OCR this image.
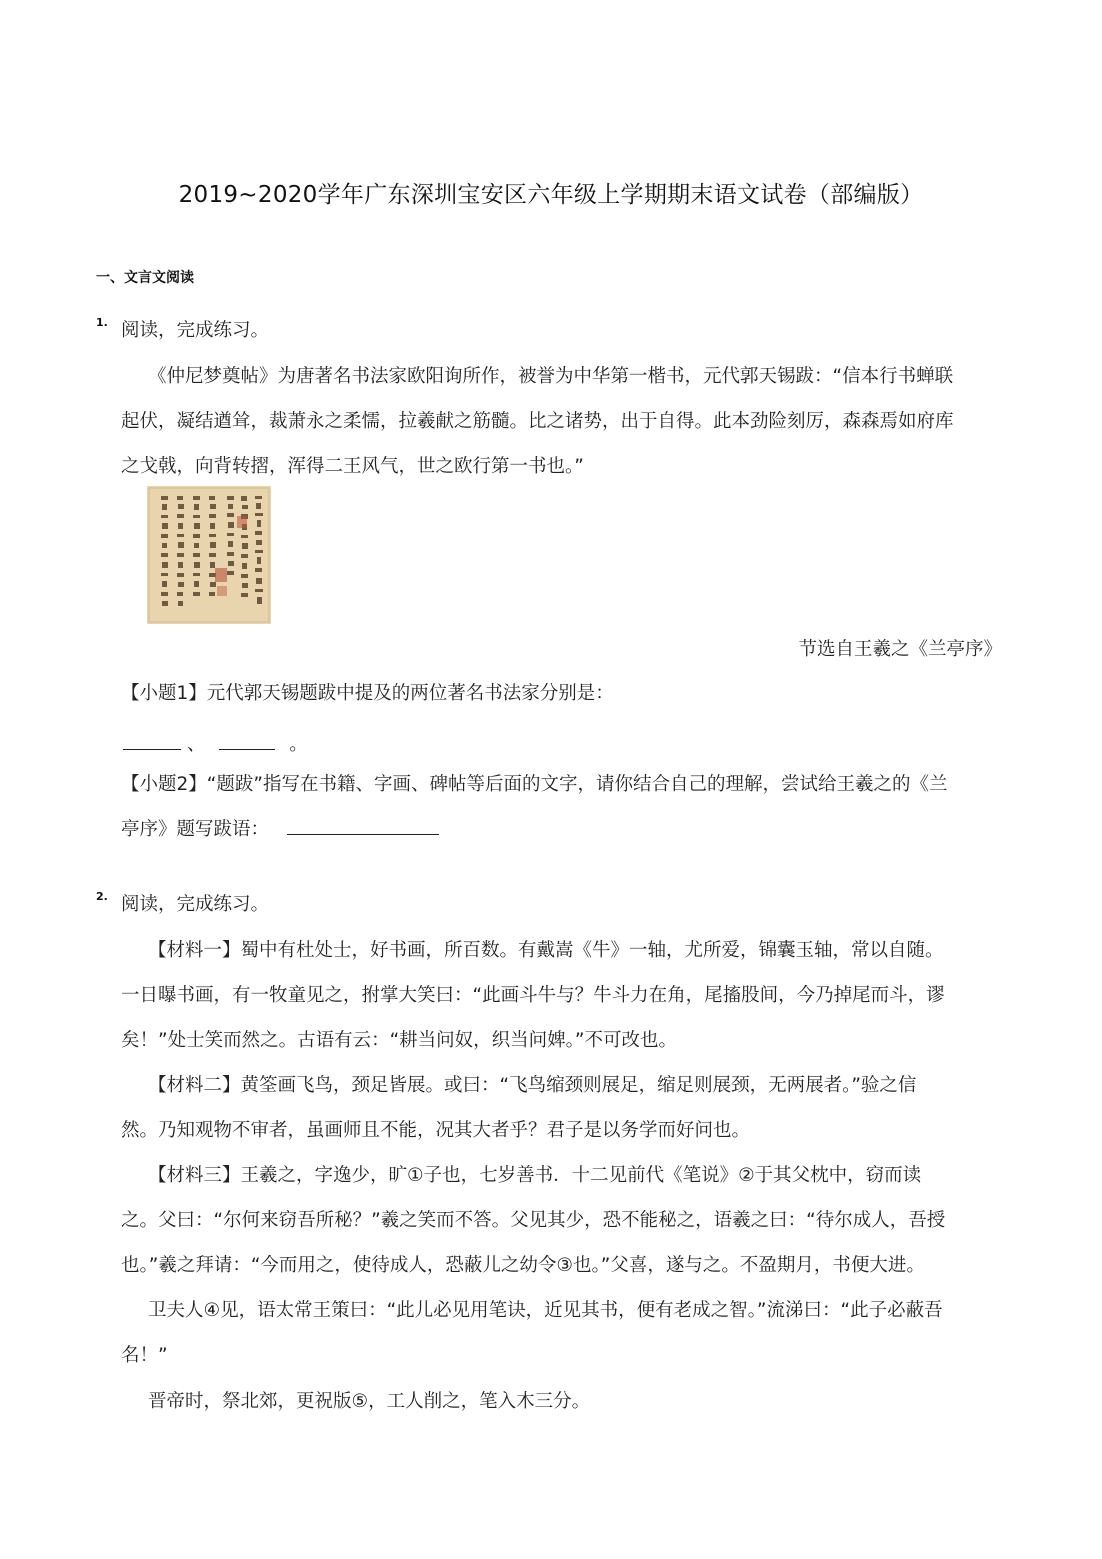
2019~2020学年广东深圳宝安区六年级上学期期末语文试卷（部编版）
一、文言文阅读
1. 阅读，完成练习。
《仲尼梦奠帖》为唐著名书法家欧阳询所作，被誉为中华第一楷书，元代郭天锡跋：“信本行书蝉联
起伏，凝结遒耸，裁萧永之柔懦，拉羲献之筋髓。比之诸势，出于自得。此本劲险刻厉，森森焉如府库
之戈戟，向背转摺，浑得二王风气，世之欧行第一书也。”
节选自王羲之《兰亭序》
【小题1】元代郭天锡题跋中提及的两位著名书法家分别是：
、	。
【小题2】“题跋”指写在书籍、字画、碑帖等后面的文字，请你结合自己的理解，尝试给王羲之的《兰
亭序》题写跋语：
2. 阅读，完成练习。
【材料一】蜀中有杜处士，好书画，所百数。有戴嵩《牛》一轴，尤所爱，锦囊玉轴，常以自随。
一日曝书画，有一牧童见之，拊掌大笑曰：“此画斗牛与？牛斗力在角，尾搐股间，今乃掉尾而斗，谬
矣！”处士笑而然之。古语有云：“耕当问奴，织当问婢。”不可改也。
【材料二】黄筌画飞鸟，颈足皆展。或曰：“飞鸟缩颈则展足，缩足则展颈，无两展者。”验之信
然。乃知观物不审者，虽画师且不能，况其大者乎？君子是以务学而好问也。
【材料三】王羲之，字逸少，旷①子也，七岁善书．十二见前代《笔说》②于其父枕中，窃而读
之。父曰：“尔何来窃吾所秘？”羲之笑而不答。父见其少，恐不能秘之，语羲之曰：“待尔成人，吾授
也。”羲之拜请：“今而用之，使待成人，恐蔽儿之幼令③也。”父喜，遂与之。不盈期月，书便大进。
卫夫人④见，语太常王策曰：“此儿必见用笔诀，近见其书，便有老成之智。”流涕曰：“此子必蔽吾
名！”
晋帝时，祭北郊，更祝版⑤，工人削之，笔入木三分。
